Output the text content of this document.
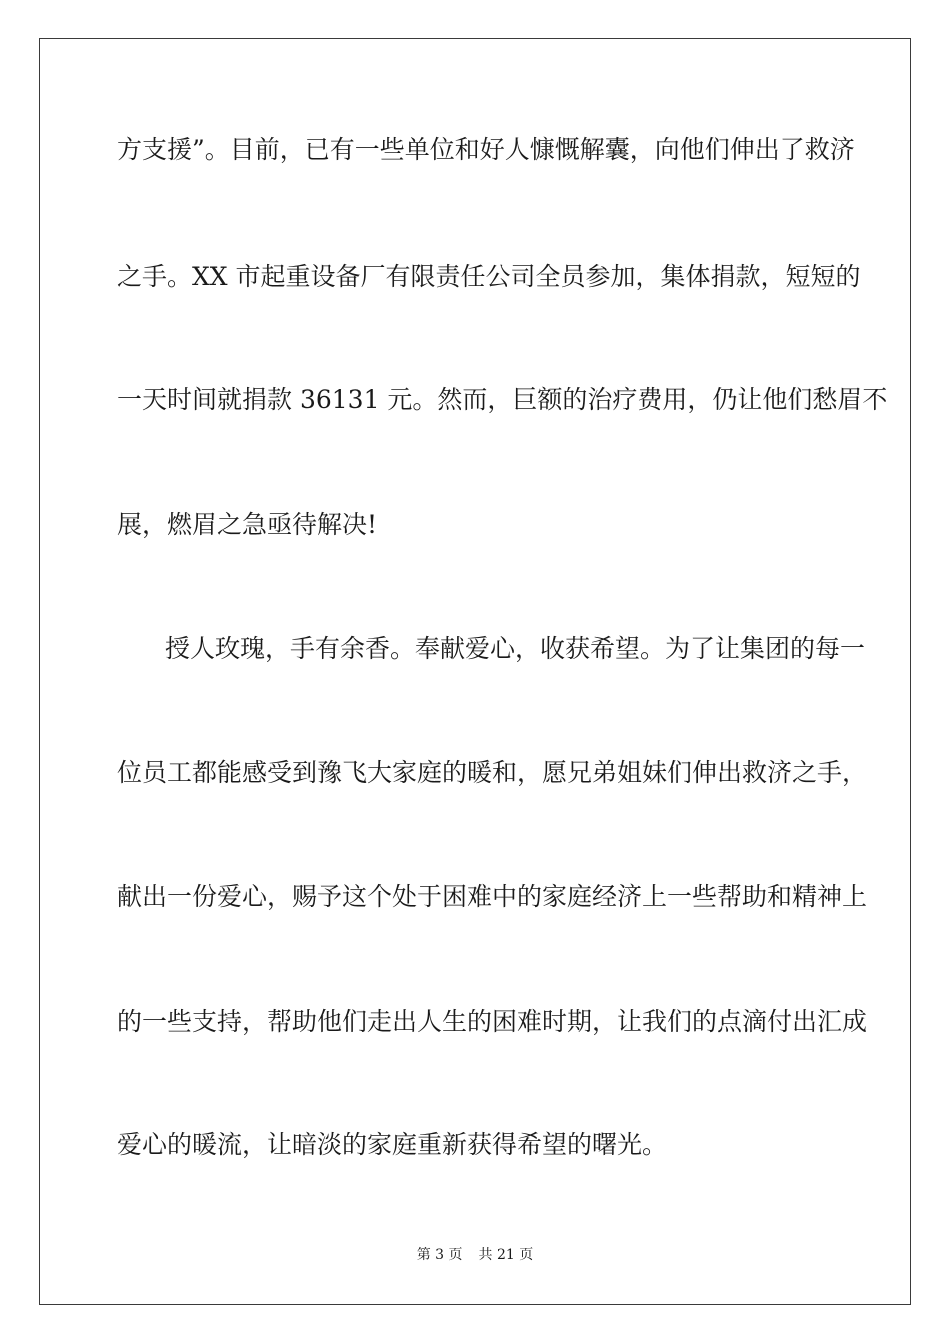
方支援”。目前，已有一些单位和好人慷慨解囊，向他们伸出了救济
之手。XX 市起重设备厂有限责任公司全员参加，集体捐款，短短的
一天时间就捐款 36131 元。然而，巨额的治疗费用，仍让他们愁眉不
展，燃眉之急亟待解决!
授人玫瑰，手有余香。奉献爱心，收获希望。为了让集团的每一
位员工都能感受到豫飞大家庭的暖和，愿兄弟姐妹们伸出救济之手，
献出一份爱心，赐予这个处于困难中的家庭经济上一些帮助和精神上
的一些支持，帮助他们走出人生的困难时期，让我们的点滴付出汇成
爱心的暖流，让暗淡的家庭重新获得希望的曙光。
第 3 页 共 21 页
